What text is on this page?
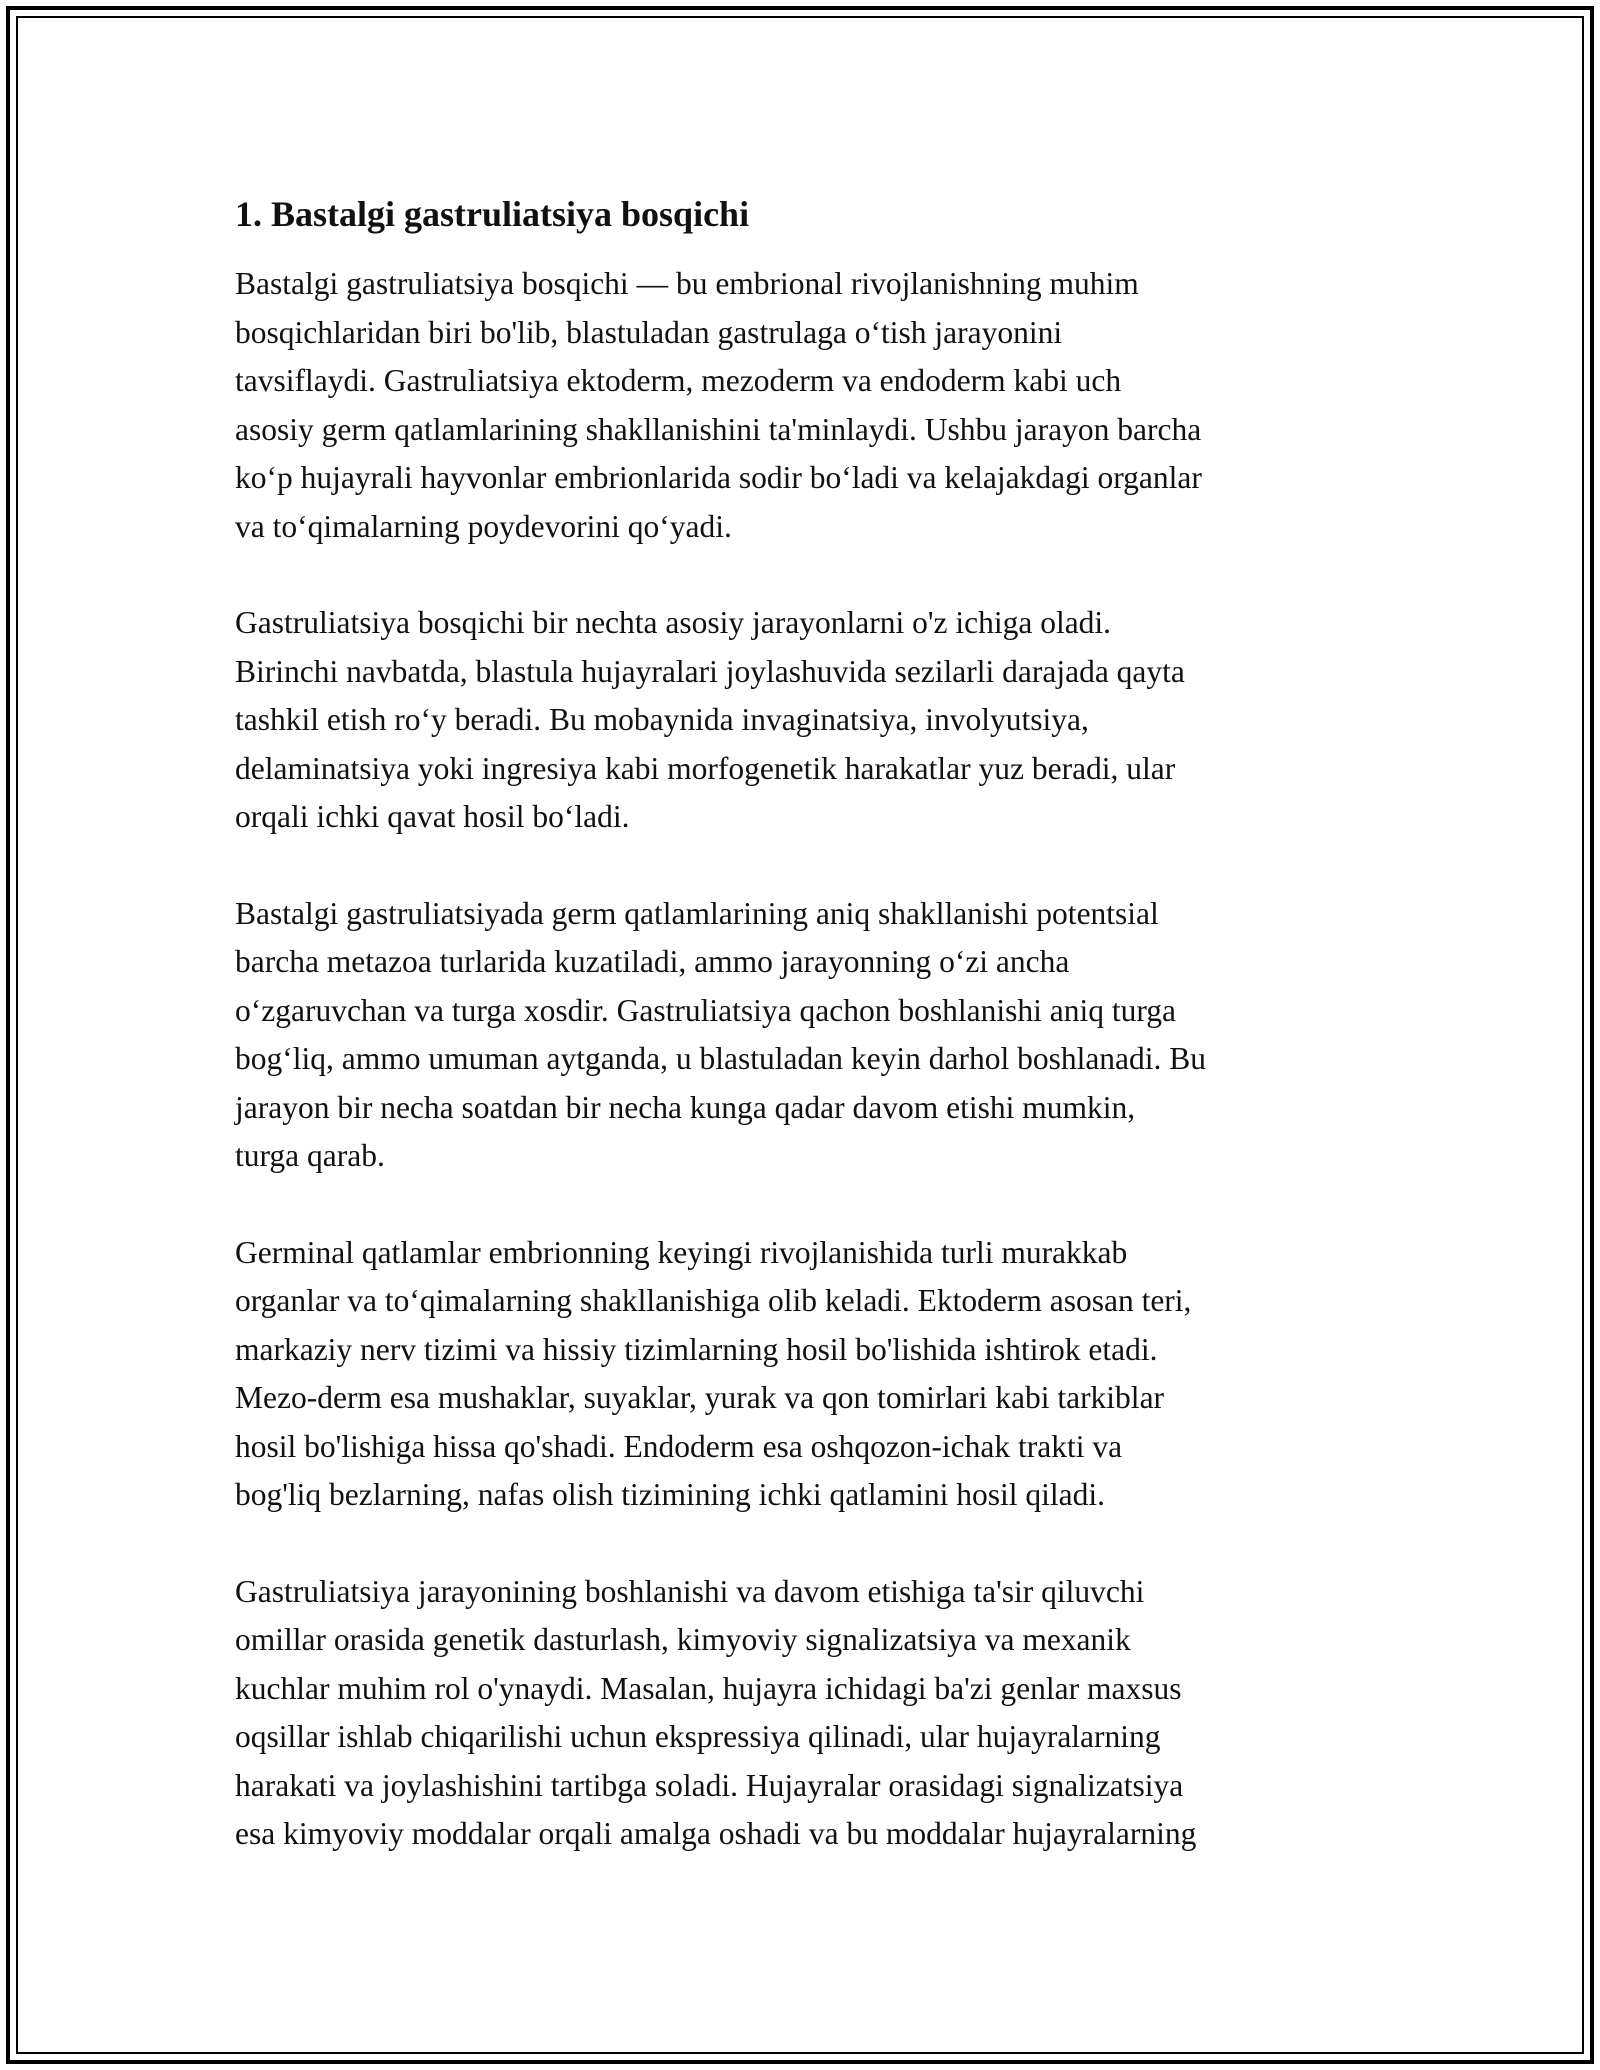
1. Bastalgi gastruliatsiya bosqichi

Bastalgi gastruliatsiya bosqichi — bu embrional rivojlanishning muhim
bosqichlaridan biri bo'lib, blastuladan gastrulaga o‘tish jarayonini
tavsiflaydi. Gastruliatsiya ektoderm, mezoderm va endoderm kabi uch
asosiy germ qatlamlarining shakllanishini ta'minlaydi. Ushbu jarayon barcha
ko‘p hujayrali hayvonlar embrionlarida sodir bo‘ladi va kelajakdagi organlar
va to‘qimalarning poydevorini qo‘yadi.

Gastruliatsiya bosqichi bir nechta asosiy jarayonlarni o'z ichiga oladi.
Birinchi navbatda, blastula hujayralari joylashuvida sezilarli darajada qayta
tashkil etish ro‘y beradi. Bu mobaynida invaginatsiya, involyutsiya,
delaminatsiya yoki ingresiya kabi morfogenetik harakatlar yuz beradi, ular
orqali ichki qavat hosil bo‘ladi.

Bastalgi gastruliatsiyada germ qatlamlarining aniq shakllanishi potentsial
barcha metazoa turlarida kuzatiladi, ammo jarayonning o‘zi ancha
o‘zgaruvchan va turga xosdir. Gastruliatsiya qachon boshlanishi aniq turga
bog‘liq, ammo umuman aytganda, u blastuladan keyin darhol boshlanadi. Bu
jarayon bir necha soatdan bir necha kunga qadar davom etishi mumkin,
turga qarab.

Germinal qatlamlar embrionning keyingi rivojlanishida turli murakkab
organlar va to‘qimalarning shakllanishiga olib keladi. Ektoderm asosan teri,
markaziy nerv tizimi va hissiy tizimlarning hosil bo'lishida ishtirok etadi.
Mezo-derm esa mushaklar, suyaklar, yurak va qon tomirlari kabi tarkiblar
hosil bo'lishiga hissa qo'shadi. Endoderm esa oshqozon-ichak trakti va
bog'liq bezlarning, nafas olish tizimining ichki qatlamini hosil qiladi.

Gastruliatsiya jarayonining boshlanishi va davom etishiga ta'sir qiluvchi
omillar orasida genetik dasturlash, kimyoviy signalizatsiya va mexanik
kuchlar muhim rol o'ynaydi. Masalan, hujayra ichidagi ba'zi genlar maxsus
oqsillar ishlab chiqarilishi uchun ekspressiya qilinadi, ular hujayralarning
harakati va joylashishini tartibga soladi. Hujayralar orasidagi signalizatsiya
esa kimyoviy moddalar orqali amalga oshadi va bu moddalar hujayralarning
